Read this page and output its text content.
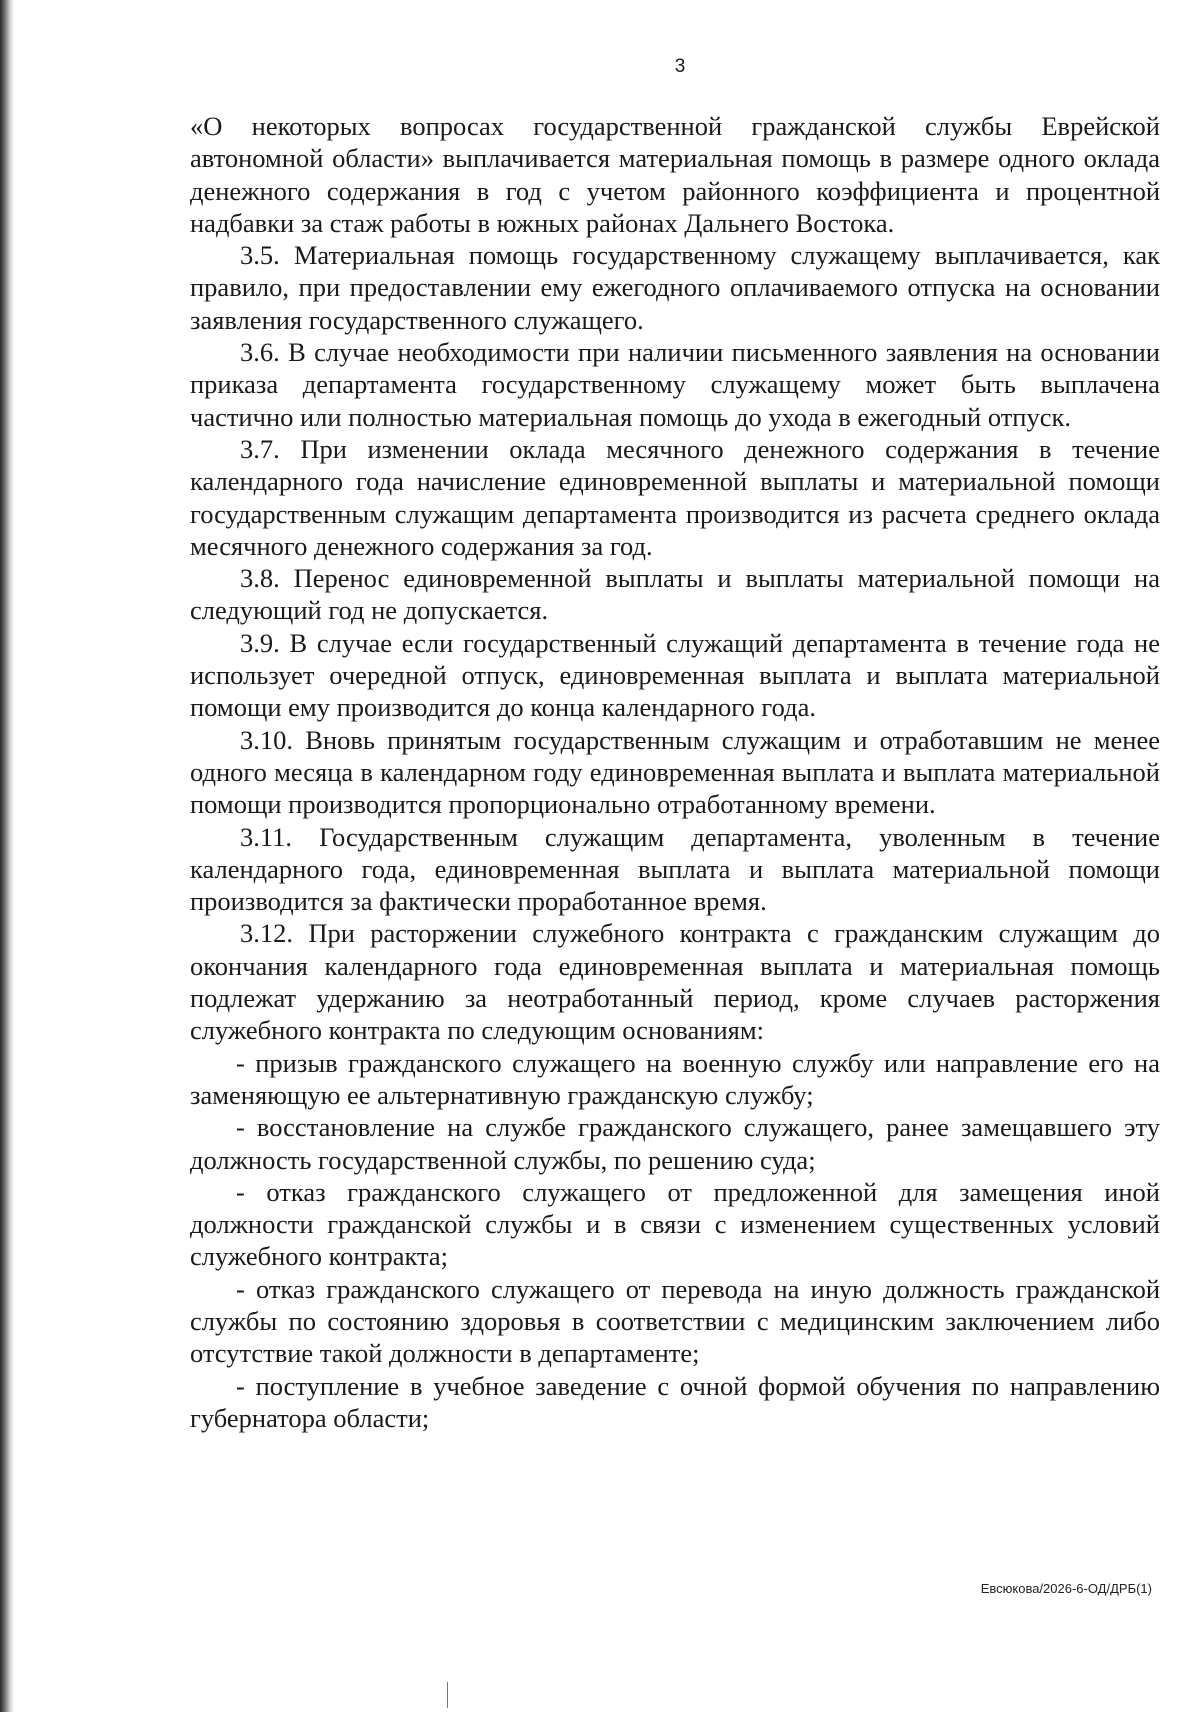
3

«О некоторых вопросах государственной гражданской службы Еврейской автономной области» выплачивается материальная помощь в размере одного оклада денежного содержания в год с учетом районного коэффициента и процентной надбавки за стаж работы в южных районах Дальнего Востока.

3.5. Материальная помощь государственному служащему выплачивается, как правило, при предоставлении ему ежегодного оплачиваемого отпуска на основании заявления государственного служащего.

3.6. В случае необходимости при наличии письменного заявления на основании приказа департамента государственному служащему может быть выплачена частично или полностью материальная помощь до ухода в ежегодный отпуск.

3.7. При изменении оклада месячного денежного содержания в течение календарного года начисление единовременной выплаты и материальной помощи государственным служащим департамента производится из расчета среднего оклада месячного денежного содержания за год.

3.8. Перенос единовременной выплаты и выплаты материальной помощи на следующий год не допускается.

3.9. В случае если государственный служащий департамента в течение года не использует очередной отпуск, единовременная выплата и выплата материальной помощи ему производится до конца календарного года.

3.10. Вновь принятым государственным служащим и отработавшим не менее одного месяца в календарном году единовременная выплата и выплата материальной помощи производится пропорционально отработанному времени.

3.11. Государственным служащим департамента, уволенным в течение календарного года, единовременная выплата и выплата материальной помощи производится за фактически проработанное время.

3.12. При расторжении служебного контракта с гражданским служащим до окончания календарного года единовременная выплата и материальная помощь подлежат удержанию за неотработанный период, кроме случаев расторжения служебного контракта по следующим основаниям:

- призыв гражданского служащего на военную службу или направление его на заменяющую ее альтернативную гражданскую службу;

- восстановление на службе гражданского служащего, ранее замещавшего эту должность государственной службы, по решению суда;

- отказ гражданского служащего от предложенной для замещения иной должности гражданской службы и в связи с изменением существенных условий служебного контракта;

- отказ гражданского служащего от перевода на иную должность гражданской службы по состоянию здоровья в соответствии с медицинским заключением либо отсутствие такой должности в департаменте;

- поступление в учебное заведение с очной формой обучения по направлению губернатора области;

Евсюкова/2026-6-ОД/ДРБ(1)
